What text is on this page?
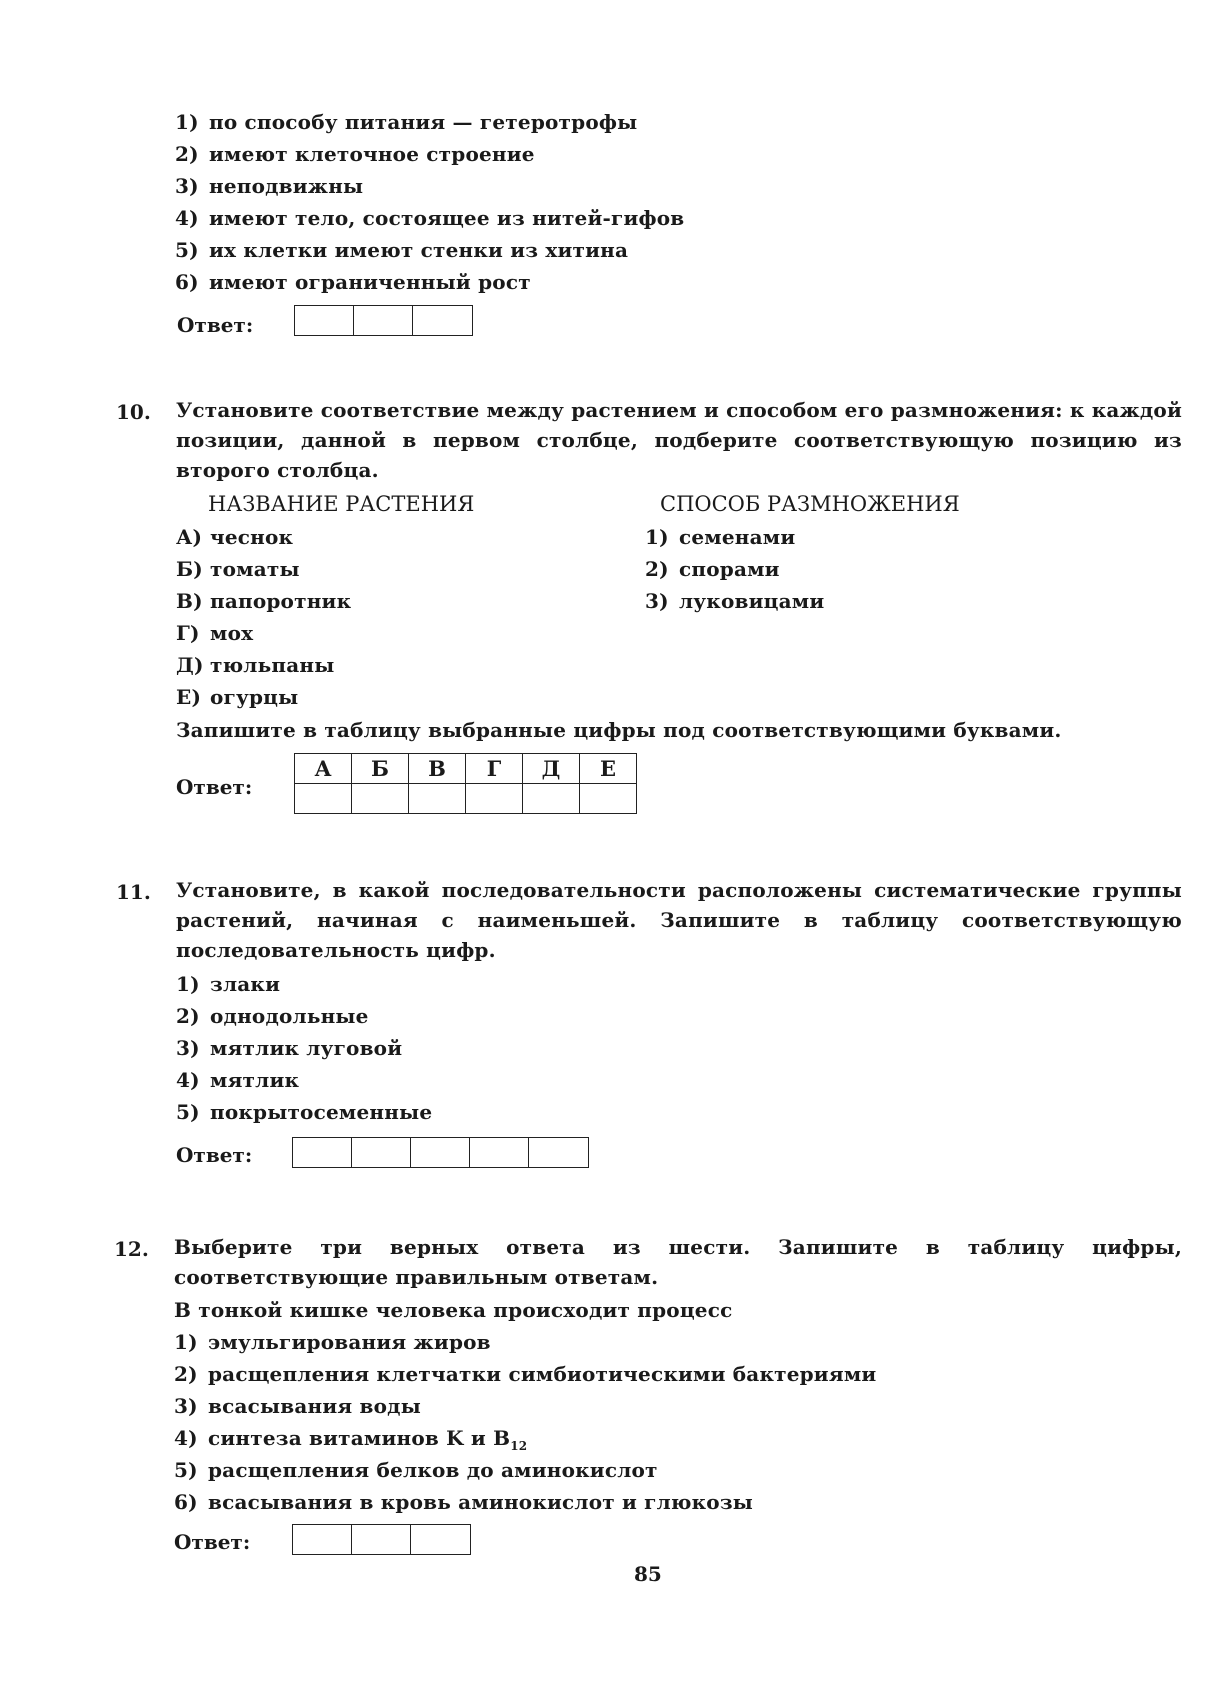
1) по способу питания — гетеротрофы
2) имеют клеточное строение
3) неподвижны
4) имеют тело, состоящее из нитей-гифов
5) их клетки имеют стенки из хитина
6) имеют ограниченный рост
Ответ:
10. Установите соответствие между растением и способом его размножения: к каждой позиции, данной в первом столбце, подберите соответствующую позицию из второго столбца.
НАЗВАНИЕ РАСТЕНИЯ	СПОСОБ РАЗМНОЖЕНИЯ
А) чеснок
Б) томаты
В) папоротник
Г) мох
Д) тюльпаны
Е) огурцы
1) семенами
2) спорами
3) луковицами
Запишите в таблицу выбранные цифры под соответствующими буквами.
Ответ:
А	Б	В	Г	Д	Е

11. Установите, в какой последовательности расположены систематические группы растений, начиная с наименьшей. Запишите в таблицу соответствующую последовательность цифр.
1) злаки
2) однодольные
3) мятлик луговой
4) мятлик
5) покрытосеменные
Ответ:
12. Выберите три верных ответа из шести. Запишите в таблицу цифры, соответствующие правильным ответам.
В тонкой кишке человека происходит процесс
1) эмульгирования жиров
2) расщепления клетчатки симбиотическими бактериями
3) всасывания воды
4) синтеза витаминов K и $B_{12}$
5) расщепления белков до аминокислот
6) всасывания в кровь аминокислот и глюкозы
Ответ:
85
